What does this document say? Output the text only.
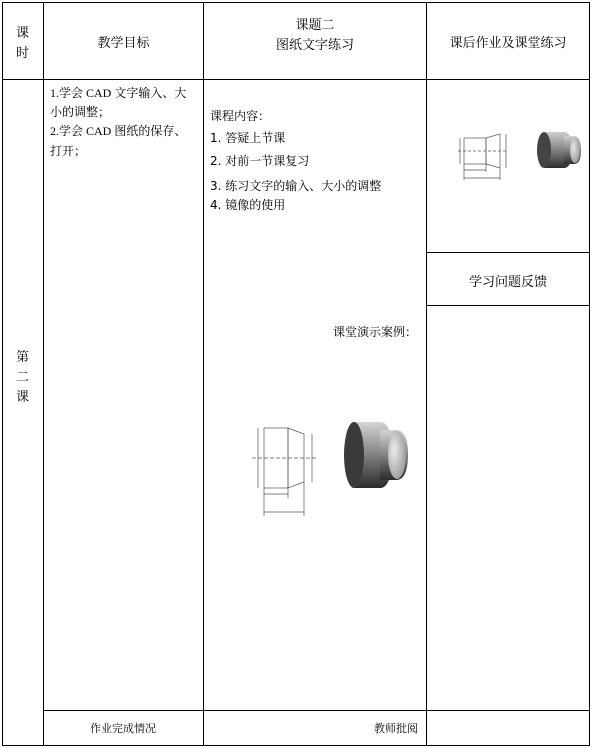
课
时
教学目标
课题二
图纸文字练习	课后作业及课堂练习
第
二
课
1.学会 CAD 文字输入、大
小的调整；
2.学会 CAD 图纸的保存、
打开；
课程内容：
1. 答疑上节课
2. 对前一节课复习
3. 练习文字的输入、大小的调整
4. 镜像的使用
课堂演示案例：
学习问题反馈
作业完成情况	教师批阅
